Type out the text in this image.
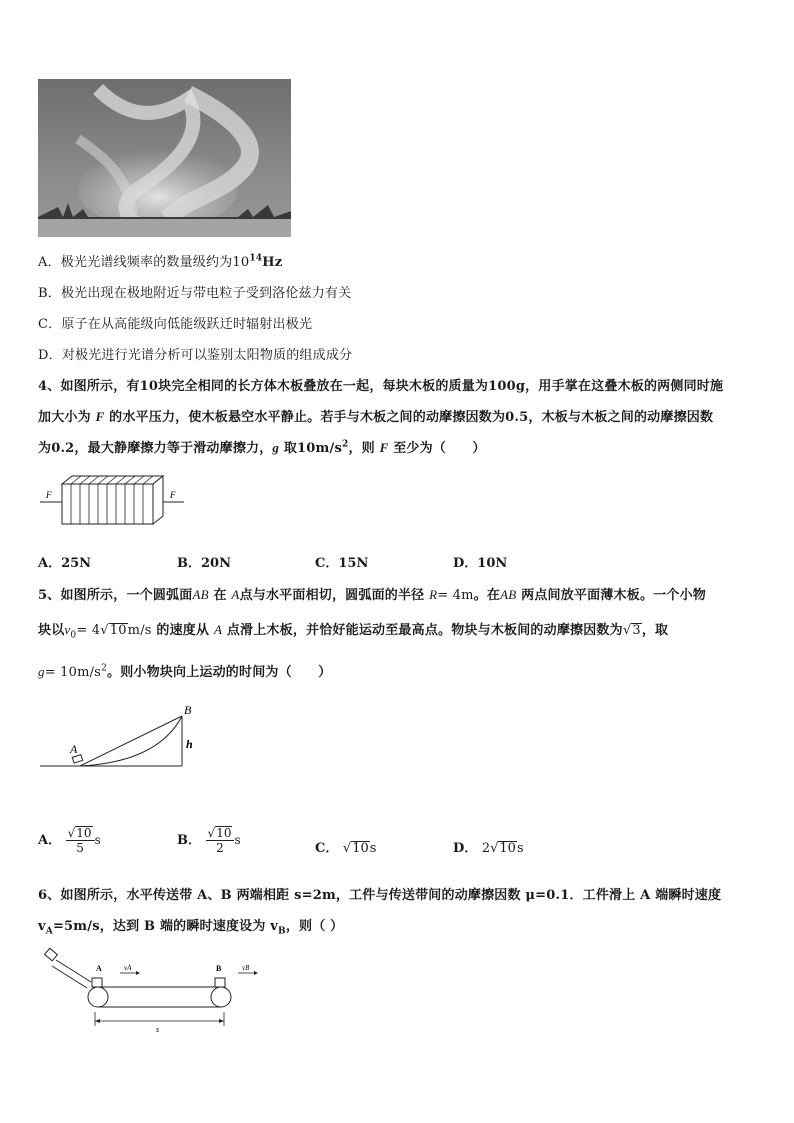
A．极光光谱线频率的数量级约为$10^{14}Hz$
B．极光出现在极地附近与带电粒子受到洛伦兹力有关
C．原子在从高能级向低能级跃迁时辐射出极光
D．对极光进行光谱分析可以鉴别太阳物质的组成成分
4、如图所示，有10块完全相同的长方体木板叠放在一起，每块木板的质量为100g，用手掌在这叠木板的两侧同时施
加大小为 F 的水平压力，使木板悬空水平静止。若手与木板之间的动摩擦因数为0.5，木板与木板之间的动摩擦因数
为0.2，最大静摩擦力等于滑动摩擦力，g 取$10m/s^2$，则 F 至少为（　　）
F	F
A．25N	B．20N	C．15N	D．10N
5、如图所示，一个圆弧面AB 在 A点与水平面相切，圆弧面的半径 R= 4m。在AB 两点间放平面薄木板。一个小物
块以$v_0= 4√10m/s$ 的速度从 A 点滑上木板，并恰好能运动至最高点。物块与木板间的动摩擦因数为√3，取
$g= 10m/s^2$。则小物块向上运动的时间为（　　）
A
B
h
A． $\frac{√10}{5}$ s	B． $\frac{√10}{2}$ s
C． √10s	D． 2√10s
6、如图所示，水平传送带 A、B 两端相距 s=2m，工件与传送带间的动摩擦因数 μ=0.1．工件滑上 A 端瞬时速度
$v_A=5m/s$，达到 B 端的瞬时速度设为 $v_B$，则（ ）
A	B
vA	vB
s
